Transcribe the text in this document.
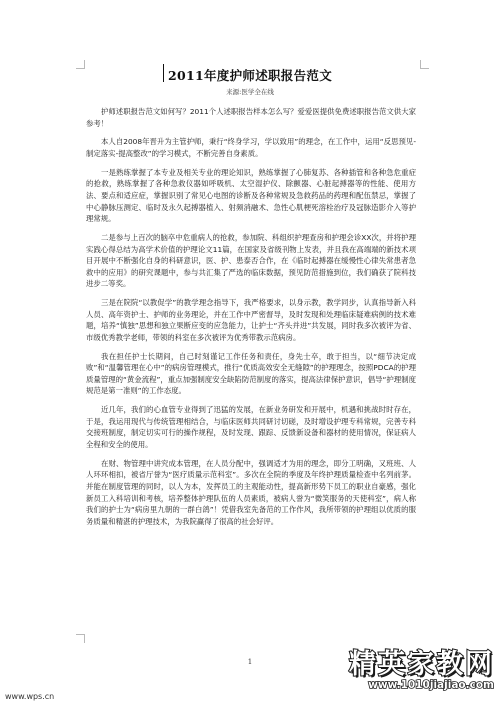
2011年度护师述职报告范文
来源:医学全在线

护师述职报告范文如何写？2011个人述职报告样本怎么写？爱爱医提供免费述职报告范文供大家参考！

本人自2008年晋升为主管护师，秉行“终身学习，学以致用”的理念，在工作中，运用“反思预见-制定落实-提高整改”的学习模式，不断完善自身素质。

一是熟练掌握了本专业及相关专业的理论知识，熟练掌握了心肺复苏、各种插管和各种急危重症的抢救，熟练掌握了各种急救仪器如呼吸机、太空湿护仪、除颤器、心脏起搏器等的性能、使用方法、要点和适应症，掌握识别了常见心电图的诊断及各种常规及急救药品的药理和配伍禁忌，掌握了中心静脉压测定、临时及永久起搏器植入、射频消融术、急性心肌梗死溶栓治疗及冠脉造影介入等护理常规。

二是参与上百次的脑卒中危重病人的抢救，参加院、科组织护理查房和护理会诊XX次，并将护理实践心得总结为高学术价值的护理论文11篇，在国家及省级刊物上发表，并且我在高端端的新技术项目开展中不断强化自身的科研意识，医、护、患泰否合作，在《临时起搏器在缓慢性心律失常患者急救中的应用》的研究课题中，参与共汇集了严选的临床数据，预见防范措施到位，我们确获了院科技进步二等奖。

三是在院院“以教促学”的教学理念指导下，我严格要求，以身示教，教学同步，认真指导新入科人员、高年资护士、护师的业务理论，并在工作中严密督导，及时发现和处理临床疑难病例的技术难题，培养“慎独”思想和独立果断应变的应急能力，让护士“齐头并进”共发展，同时我多次被评为省、市级优秀教学老师，带领的科室在多次被评为优秀带教示范病房。

我在担任护士长期间，自己时刻谨记工作任务和责任，身先士卒，敢于担当，以“细节决定成败”和“温馨管理在心中”的病房管理模式，推行“优质高效安全无缝隙”的护理理念，按照PDCA的护理质量管理的“黄金流程”，重点加强制度安全缺陷防范制度的落实，提高法律保护意识，倡导“护理制度规范是第一准则”的工作态度。

近几年，我们的心血管专业得到了迅猛的发展，在新业务研发和开展中，机遇和挑战时时存在，于是，我运用现代与传统管理相结合，与临床医师共同研讨切磋，及时增设护理专科常规，完善专科交接班制度，制定切实可行的操作规程，及时发现、跟踪、反馈新设备和器材的使用情况，保证病人全程和安全的使用。

在财、物管理中讲究成本管理，在人员分配中，强调适才为用的理念，即分工明确，又班班、人人环环相扣，被省厅誉为“医疗质量示范科室”。多次在全院的季度及年终护理质量检查中名列前茅。并能在制度管理的同时，以人为本，发挥员工的主观能动性，提高新形势下员工的职业自豪感，强化新员工入科培训和考核，培养整体护理队伍的人员素质，被病人誉为“微笑服务的天使科室”，病人称我们的护士为“病房里九朝的一群白鸽”！凭借我室先备范的工作作风，我所带领的护理组以优质的服务质量和精湛的护理技术，为我院赢得了很高的社会好评。

1
www.wps.cn
精英家教网
www.1010jiajiao.com
